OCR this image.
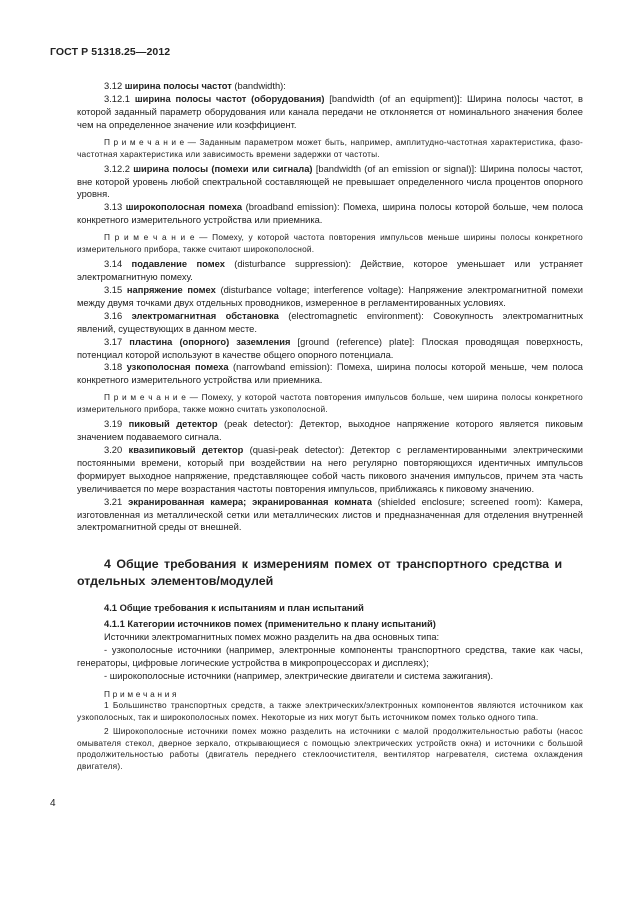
ГОСТ Р 51318.25—2012

3.12 ширина полосы частот (bandwidth):

3.12.1 ширина полосы частот (оборудования) [bandwidth (of an equipment)]: Ширина полосы частот, в которой заданный параметр оборудования или канала передачи не отклоняется от номинального значения более чем на определенное значение или коэффициент.

П р и м е ч а н и е — Заданным параметром может быть, например, амплитудно-частотная характеристика, фазо-частотная характеристика или зависимость времени задержки от частоты.

3.12.2 ширина полосы (помехи или сигнала) [bandwidth (of an emission or signal)]: Ширина полосы частот, вне которой уровень любой спектральной составляющей не превышает определенного числа процентов опорного уровня.

3.13 широкополосная помеха (broadband emission): Помеха, ширина полосы которой больше, чем полоса конкретного измерительного устройства или приемника.

П р и м е ч а н и е — Помеху, у которой частота повторения импульсов меньше ширины полосы конкретного измерительного прибора, также считают широкополосной.

3.14 подавление помех (disturbance suppression): Действие, которое уменьшает или устраняет электромагнитную помеху.

3.15 напряжение помех (disturbance voltage; interference voltage): Напряжение электромагнитной помехи между двумя точками двух отдельных проводников, измеренное в регламентированных условиях.

3.16 электромагнитная обстановка (electromagnetic environment): Совокупность электромагнитных явлений, существующих в данном месте.

3.17 пластина (опорного) заземления [ground (reference) plate]: Плоская проводящая поверхность, потенциал которой используют в качестве общего опорного потенциала.

3.18 узкополосная помеха (narrowband emission): Помеха, ширина полосы которой меньше, чем полоса конкретного измерительного устройства или приемника.

П р и м е ч а н и е — Помеху, у которой частота повторения импульсов больше, чем ширина полосы конкретного измерительного прибора, также можно считать узкополосной.

3.19 пиковый детектор (peak detector): Детектор, выходное напряжение которого является пиковым значением подаваемого сигнала.

3.20 квазипиковый детектор (quasi-peak detector): Детектор с регламентированными электрическими постоянными времени, который при воздействии на него регулярно повторяющихся идентичных импульсов формирует выходное напряжение, представляющее собой часть пикового значения импульсов, причем эта часть увеличивается по мере возрастания частоты повторения импульсов, приближаясь к пиковому значению.

3.21 экранированная камера; экранированная комната (shielded enclosure; screened room): Камера, изготовленная из металлической сетки или металлических листов и предназначенная для отделения внутренней электромагнитной среды от внешней.

4 Общие требования к измерениям помех от транспортного средства и отдельных элементов/модулей

4.1 Общие требования к испытаниям и план испытаний

4.1.1 Категории источников помех (применительно к плану испытаний)

Источники электромагнитных помех можно разделить на два основных типа:

- узкополосные источники (например, электронные компоненты транспортного средства, такие как часы, генераторы, цифровые логические устройства в микропроцессорах и дисплеях);

- широкополосные источники (например, электрические двигатели и система зажигания).

П р и м е ч а н и я

1 Большинство транспортных средств, а также электрических/электронных компонентов являются источником как узкополосных, так и широкополосных помех. Некоторые из них могут быть источником помех только одного типа.

2 Широкополосные источники помех можно разделить на источники с малой продолжительностью работы (насос омывателя стекол, дверное зеркало, открывающиеся с помощью электрических устройств окна) и источники с большой продолжительностью работы (двигатель переднего стеклоочистителя, вентилятор нагревателя, система охлаждения двигателя).

4
